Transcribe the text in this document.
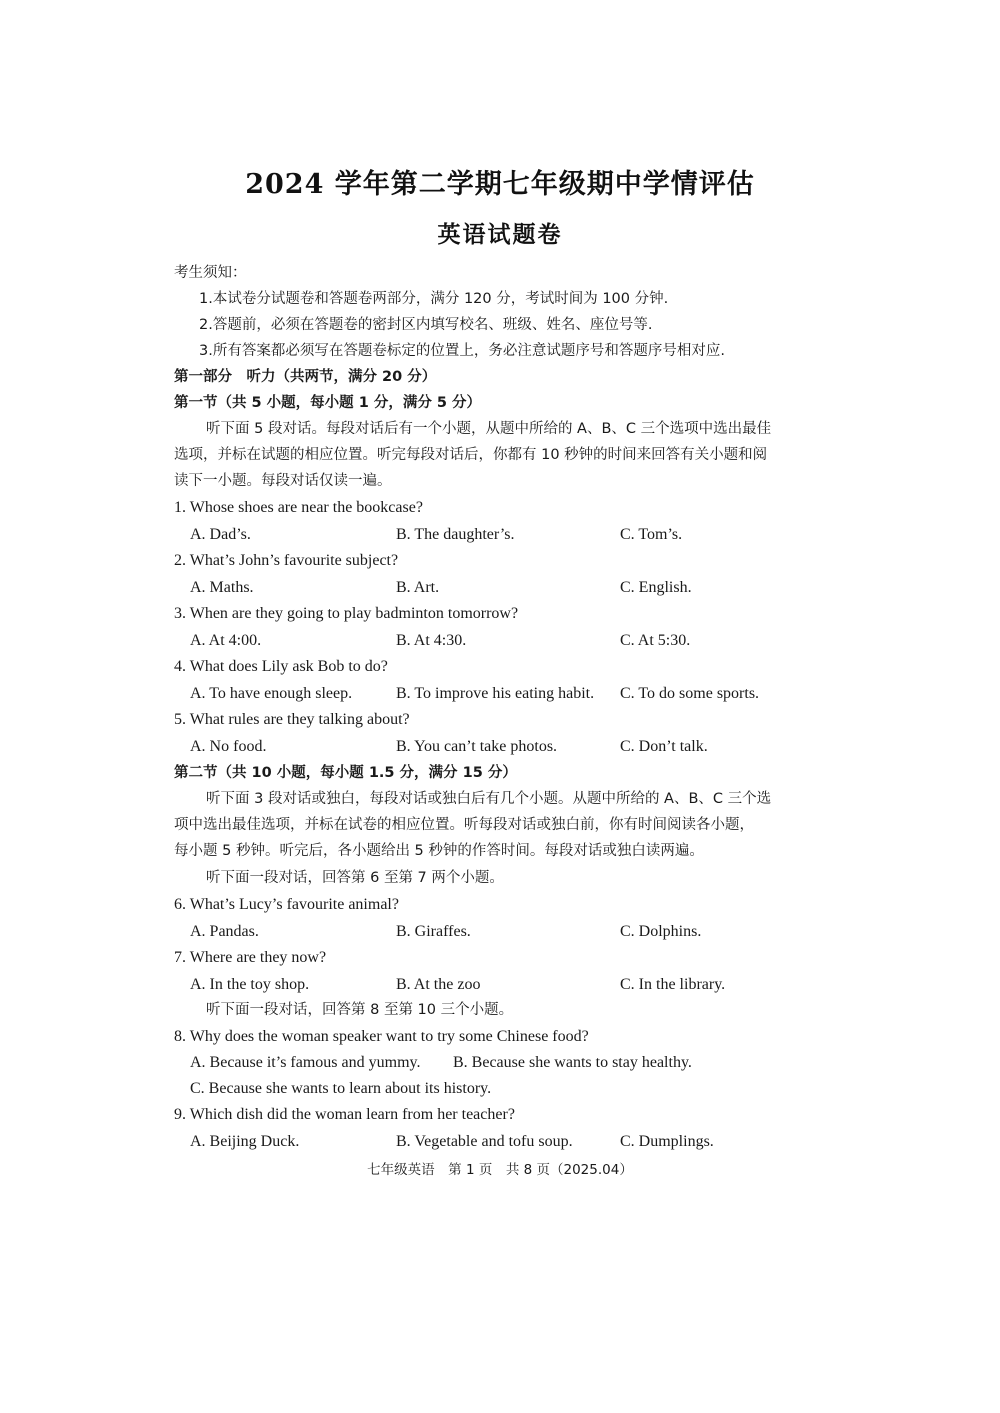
2024 学年第二学期七年级期中学情评估
英语试题卷
考生须知：
1.本试卷分试题卷和答题卷两部分，满分 120 分，考试时间为 100 分钟.
2.答题前，必须在答题卷的密封区内填写校名、班级、姓名、座位号等.
3.所有答案都必须写在答题卷标定的位置上，务必注意试题序号和答题序号相对应.
第一部分　听力（共两节，满分 20 分）
第一节（共 5 小题，每小题 1 分，满分 5 分）
听下面 5 段对话。每段对话后有一个小题，从题中所给的 A、B、C 三个选项中选出最佳
选项，并标在试题的相应位置。听完每段对话后，你都有 10 秒钟的时间来回答有关小题和阅
读下一小题。每段对话仅读一遍。
1. Whose shoes are near the bookcase?
A. Dad’s.	B. The daughter’s.	C. Tom’s.
2. What’s John’s favourite subject?
A. Maths.	B. Art.	C. English.
3. When are they going to play badminton tomorrow?
A. At 4:00.	B. At 4:30.	C. At 5:30.
4. What does Lily ask Bob to do?
A. To have enough sleep.	B. To improve his eating habit. C. To do some sports.
5. What rules are they talking about?
A. No food.	B. You can’t take photos.	C. Don’t talk.
第二节（共 10 小题，每小题 1.5 分，满分 15 分）
听下面 3 段对话或独白，每段对话或独白后有几个小题。从题中所给的 A、B、C 三个选
项中选出最佳选项，并标在试卷的相应位置。听每段对话或独白前，你有时间阅读各小题，
每小题 5 秒钟。听完后，各小题给出 5 秒钟的作答时间。每段对话或独白读两遍。
听下面一段对话，回答第 6 至第 7 两个小题。
6. What’s Lucy’s favourite animal?
A. Pandas.	B. Giraffes.	C. Dolphins.
7. Where are they now?
A. In the toy shop.	B. At the zoo	C. In the library.
听下面一段对话，回答第 8 至第 10 三个小题。
8. Why does the woman speaker want to try some Chinese food?
A. Because it’s famous and yummy. B. Because she wants to stay healthy.
C. Because she wants to learn about its history.
9. Which dish did the woman learn from her teacher?
A. Beijing Duck.	B. Vegetable and tofu soup.	C. Dumplings.
七年级英语　第 1 页　共 8 页（2025.04）
